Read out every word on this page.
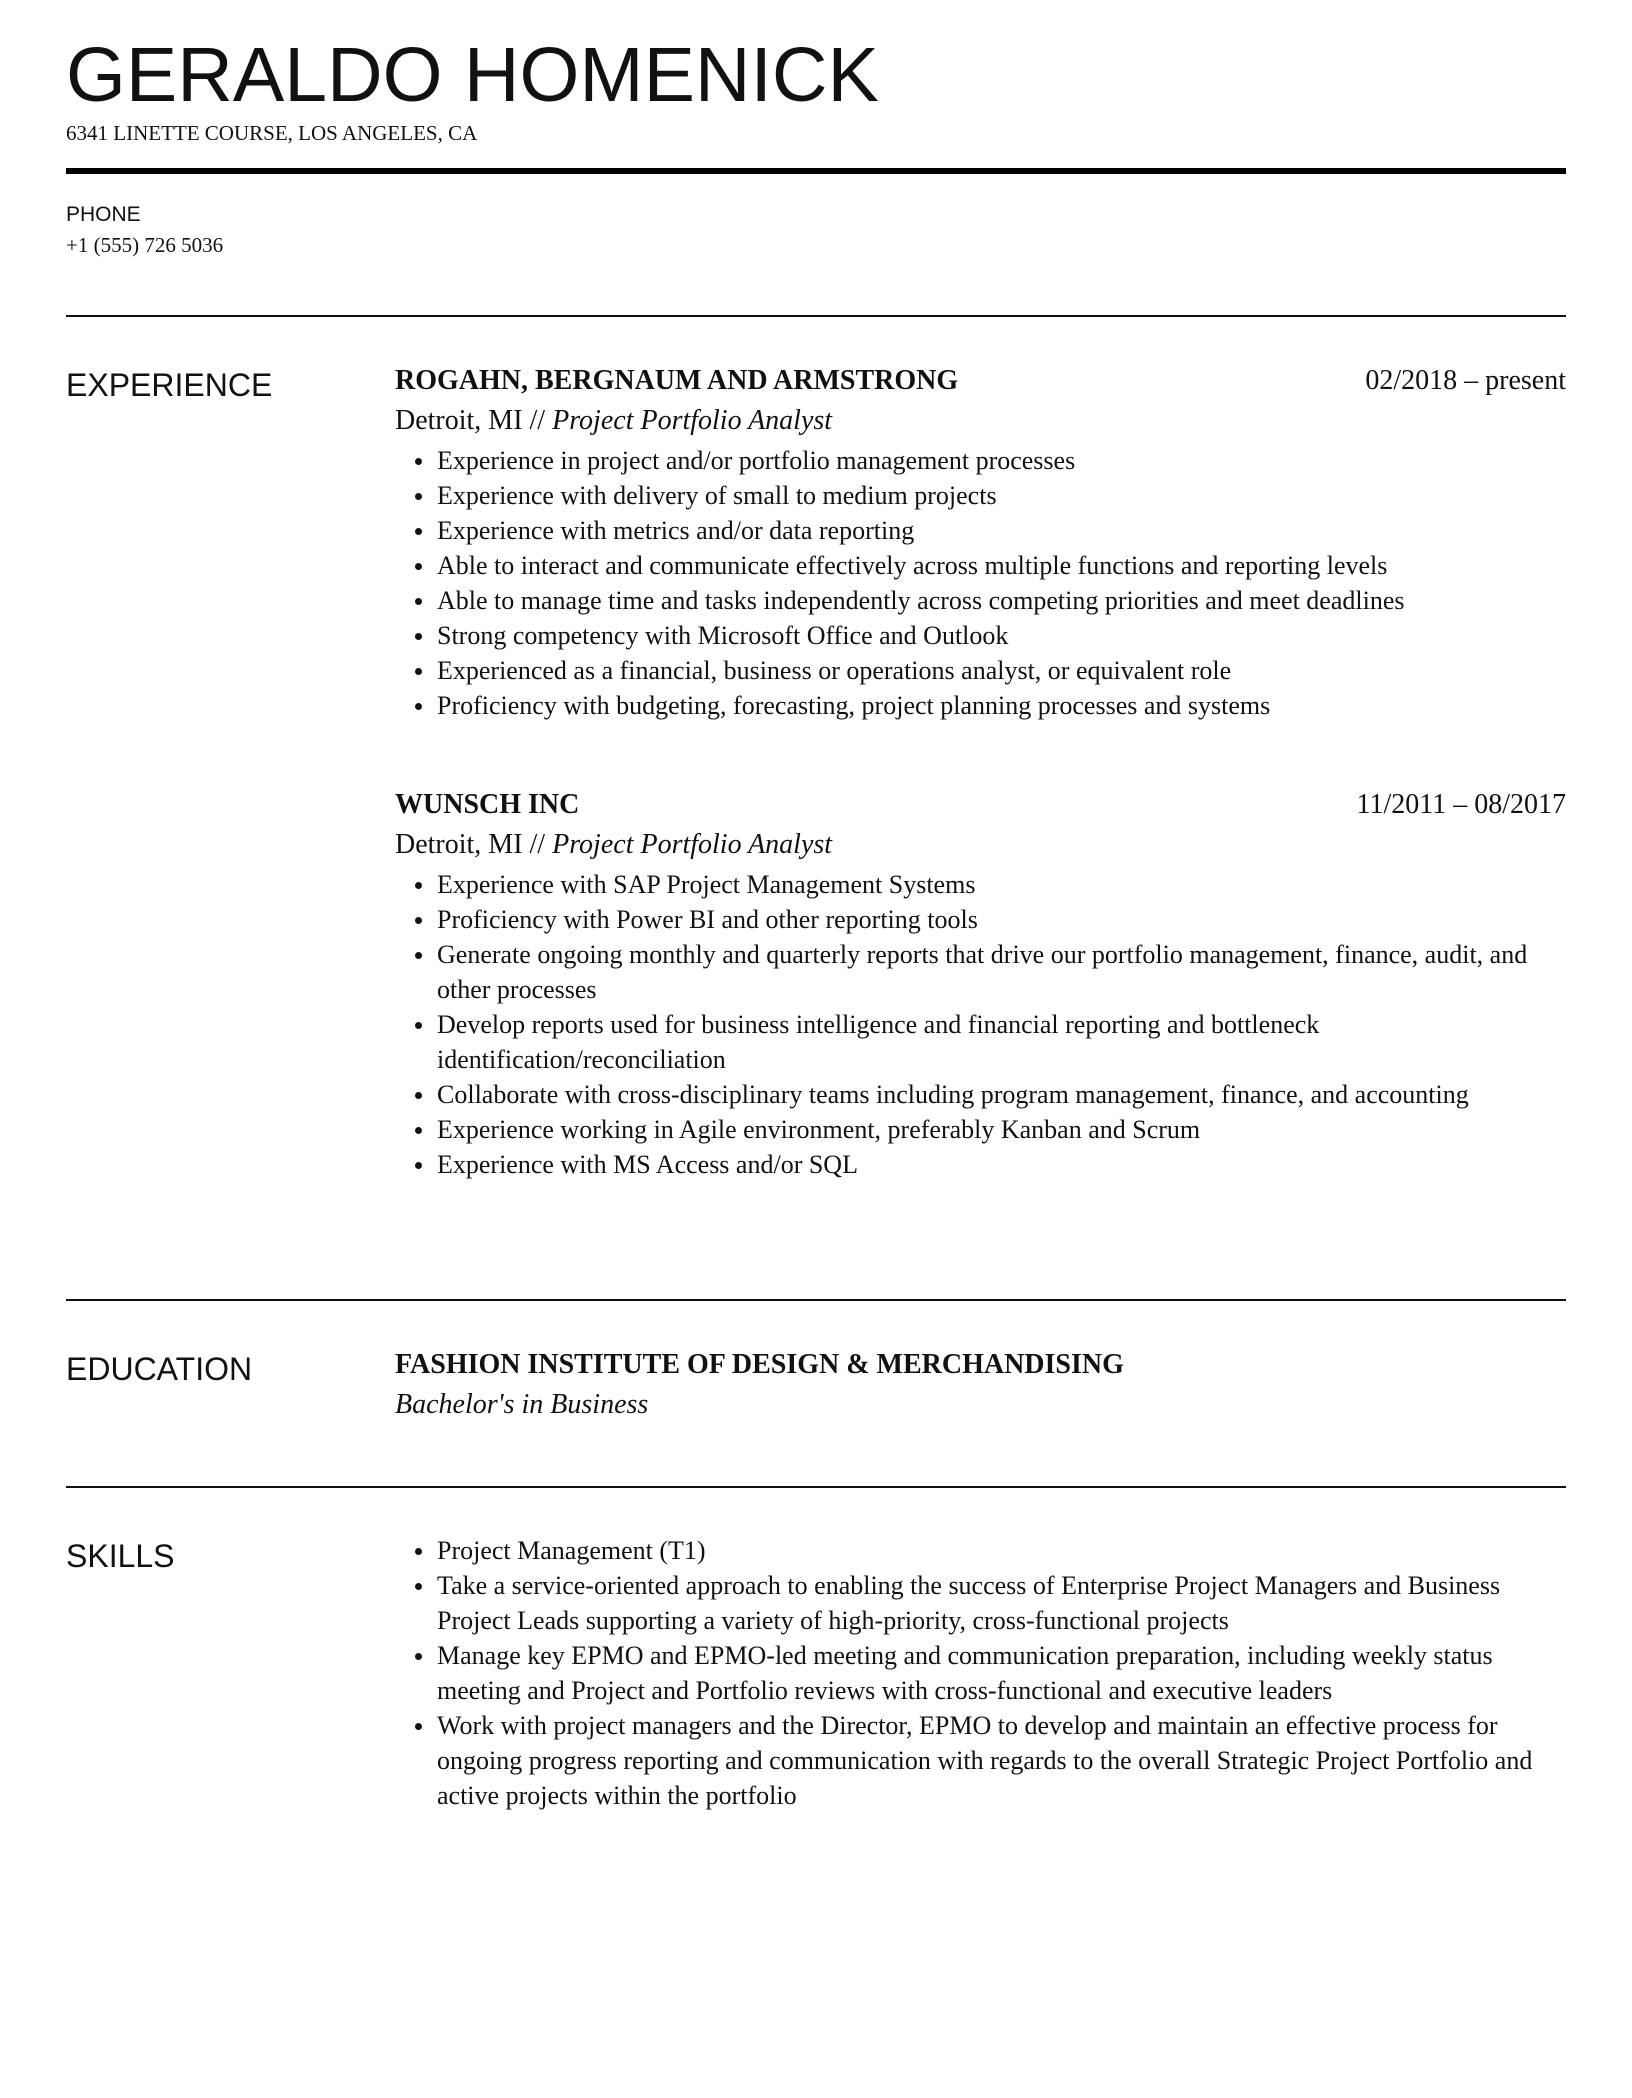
GERALDO HOMENICK
6341 LINETTE COURSE, LOS ANGELES, CA
PHONE
+1 (555) 726 5036
EXPERIENCE	ROGAHN, BERGNAUM AND ARMSTRONG	02/2018 – present
Detroit, MI // Project Portfolio Analyst
Experience in project and/or portfolio management processes
Experience with delivery of small to medium projects
Experience with metrics and/or data reporting
Able to interact and communicate effectively across multiple functions and reporting levels
Able to manage time and tasks independently across competing priorities and meet deadlines
Strong competency with Microsoft Office and Outlook
Experienced as a financial, business or operations analyst, or equivalent role
Proficiency with budgeting, forecasting, project planning processes and systems
WUNSCH INC	11/2011 – 08/2017
Detroit, MI // Project Portfolio Analyst
Experience with SAP Project Management Systems
Proficiency with Power BI and other reporting tools
Generate ongoing monthly and quarterly reports that drive our portfolio management, finance, audit, and other processes
Develop reports used for business intelligence and financial reporting and bottleneck identification/reconciliation
Collaborate with cross-disciplinary teams including program management, finance, and accounting
Experience working in Agile environment, preferably Kanban and Scrum
Experience with MS Access and/or SQL
EDUCATION	FASHION INSTITUTE OF DESIGN & MERCHANDISING
Bachelor's in Business
SKILLS	Project Management (T1)
Take a service-oriented approach to enabling the success of Enterprise Project Managers and Business Project Leads supporting a variety of high-priority, cross-functional projects
Manage key EPMO and EPMO-led meeting and communication preparation, including weekly status meeting and Project and Portfolio reviews with cross-functional and executive leaders
Work with project managers and the Director, EPMO to develop and maintain an effective process for ongoing progress reporting and communication with regards to the overall Strategic Project Portfolio and active projects within the portfolio
